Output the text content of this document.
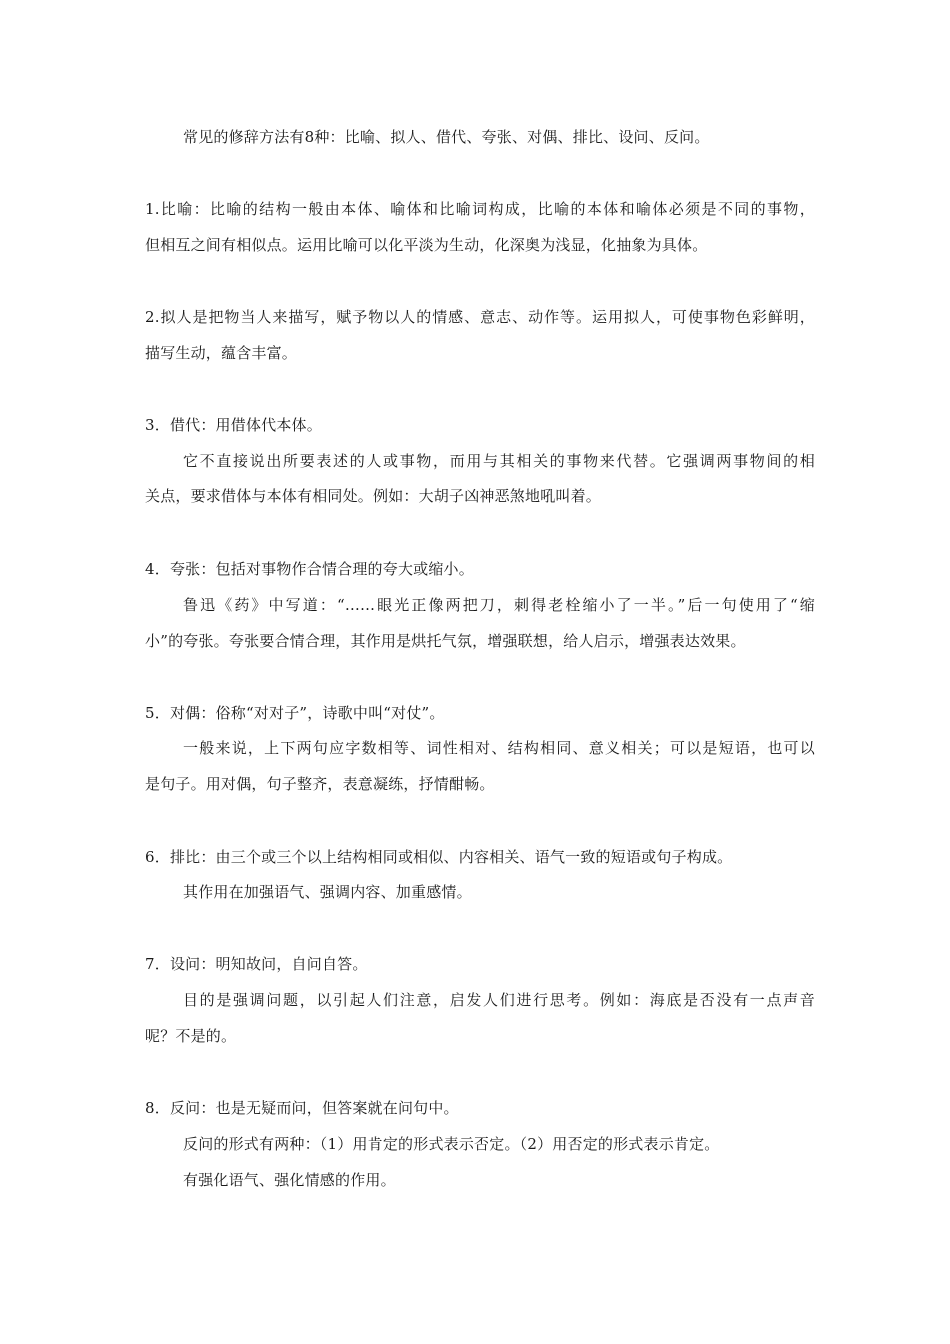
常见的修辞方法有8种：比喻、拟人、借代、夸张、对偶、排比、设问、反问。
1.比喻：比喻的结构一般由本体、喻体和比喻词构成，比喻的本体和喻体必须是不同的事物，
但相互之间有相似点。运用比喻可以化平淡为生动，化深奥为浅显，化抽象为具体。
2.拟人是把物当人来描写，赋予物以人的情感、意志、动作等。运用拟人，可使事物色彩鲜明，
描写生动，蕴含丰富。
3．借代：用借体代本体。
它不直接说出所要表述的人或事物，而用与其相关的事物来代替。它强调两事物间的相
关点，要求借体与本体有相同处。例如：大胡子凶神恶煞地吼叫着。
4．夸张：包括对事物作合情合理的夸大或缩小。
鲁迅《药》中写道：“……眼光正像两把刀，刺得老栓缩小了一半。”后一句使用了“缩
小”的夸张。夸张要合情合理，其作用是烘托气氛，增强联想，给人启示，增强表达效果。
5．对偶：俗称“对对子”，诗歌中叫“对仗”。
一般来说，上下两句应字数相等、词性相对、结构相同、意义相关；可以是短语，也可以
是句子。用对偶，句子整齐，表意凝练，抒情酣畅。
6．排比：由三个或三个以上结构相同或相似、内容相关、语气一致的短语或句子构成。
其作用在加强语气、强调内容、加重感情。
7．设问：明知故问，自问自答。
目的是强调问题，以引起人们注意，启发人们进行思考。例如：海底是否没有一点声音
呢？不是的。
8．反问：也是无疑而问，但答案就在问句中。
反问的形式有两种：（1）用肯定的形式表示否定。（2）用否定的形式表示肯定。
有强化语气、强化情感的作用。
